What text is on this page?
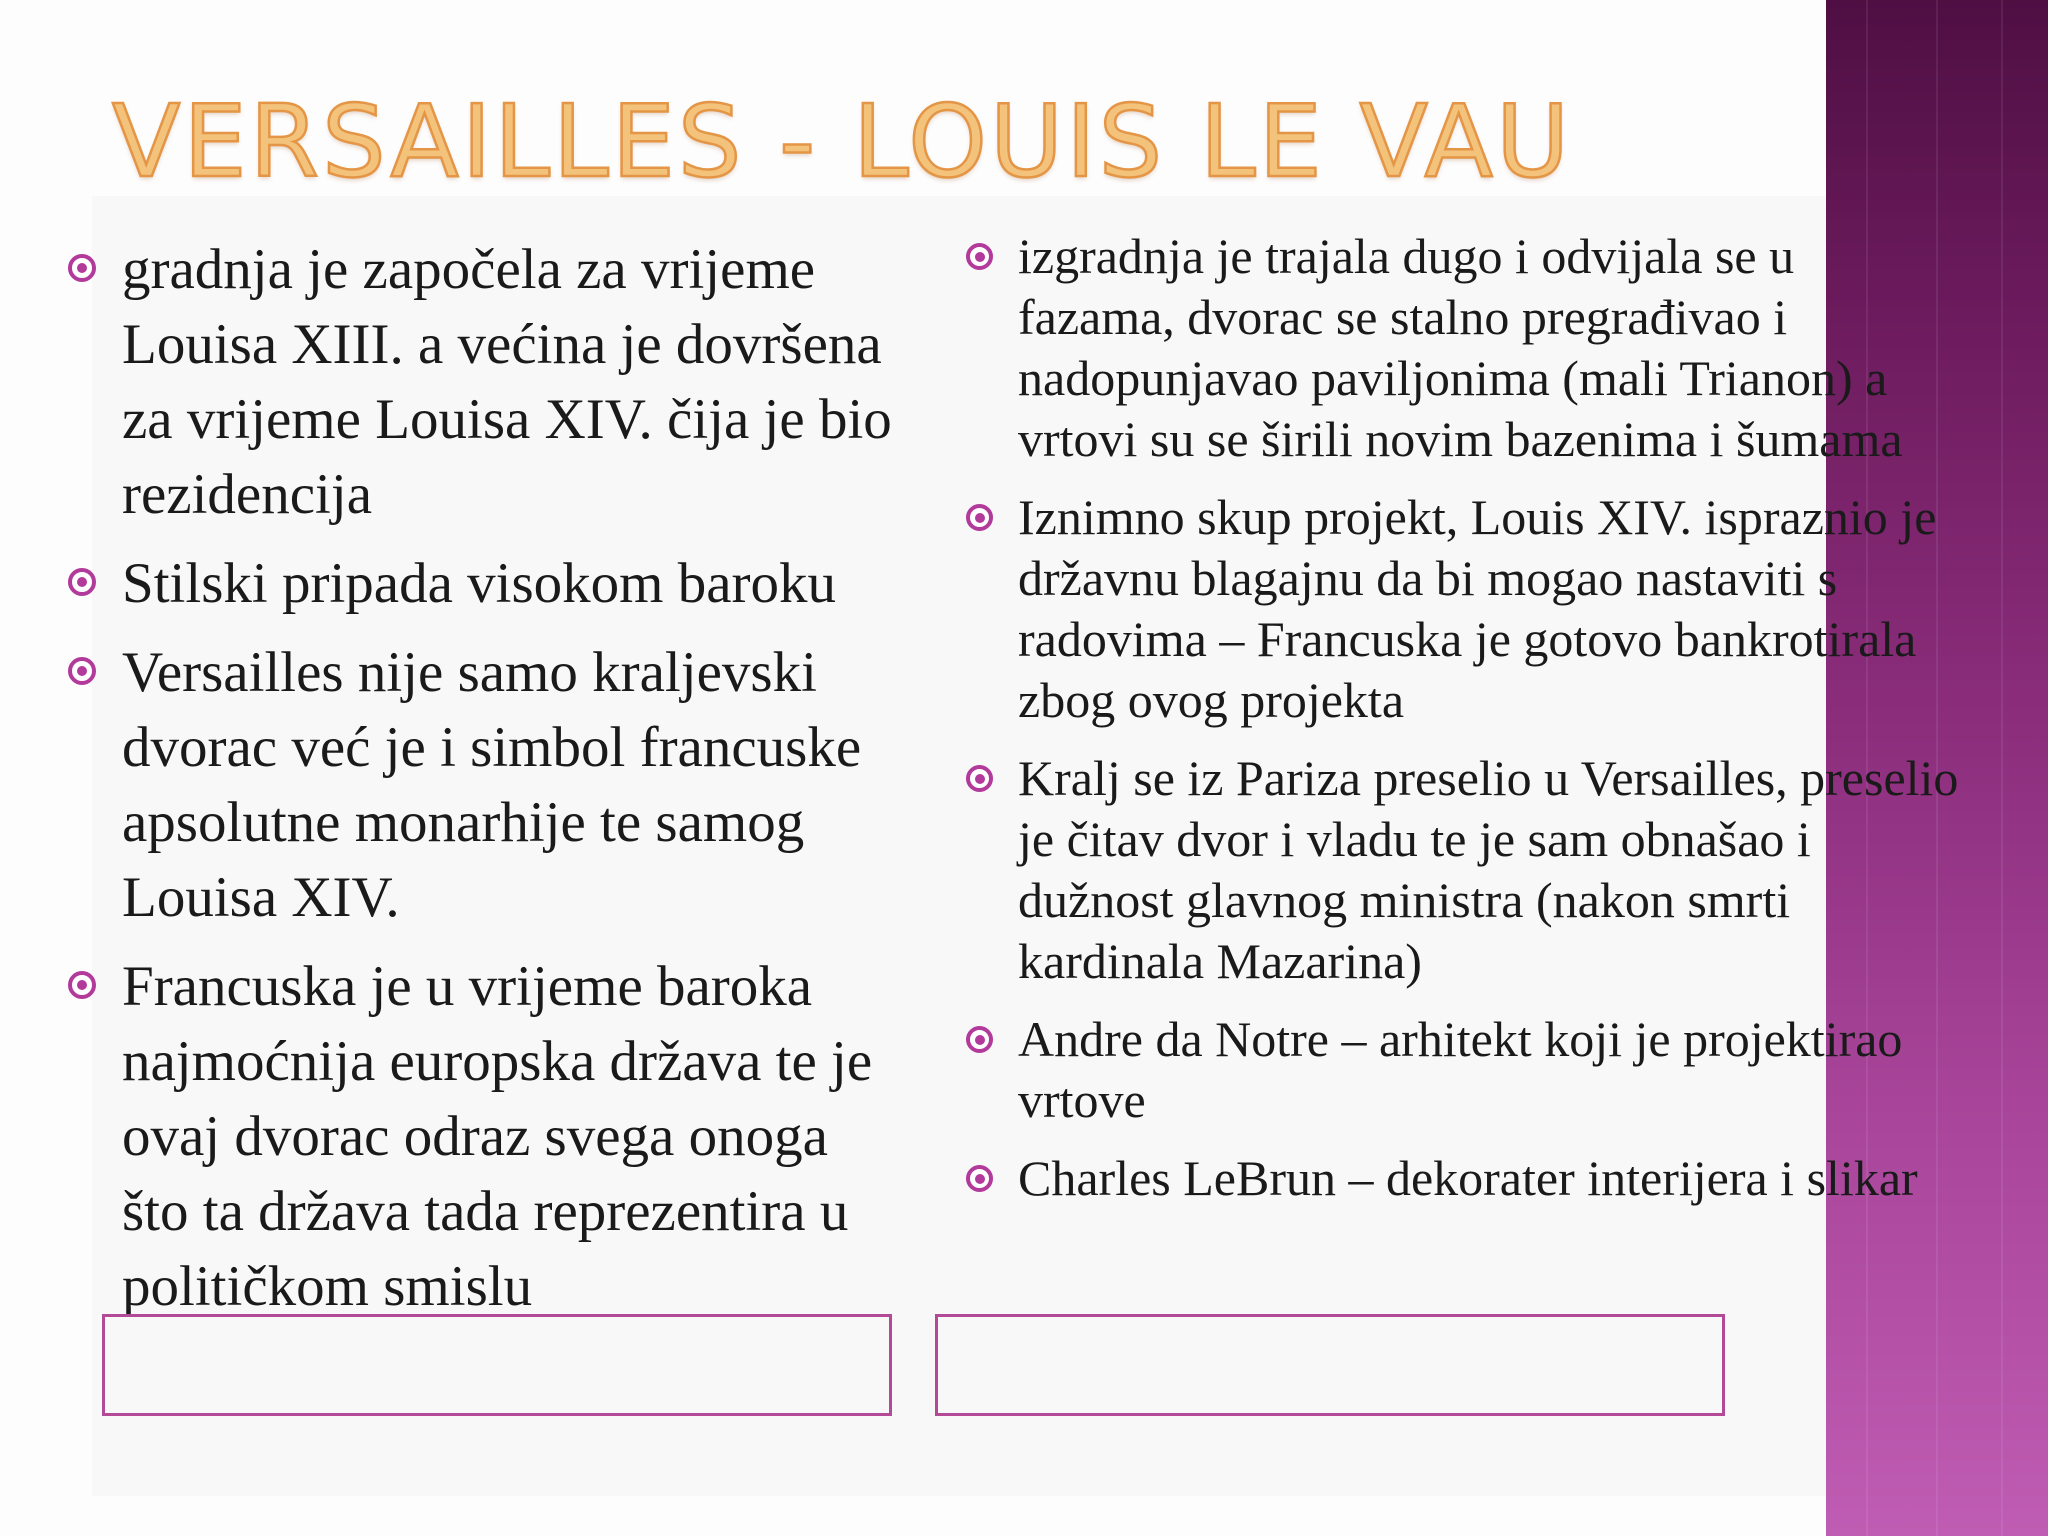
VERSAILLES - LOUIS LE VAU
gradnja je započela za vrijeme Louisa XIII. a većina je dovršena za vrijeme Louisa XIV. čija je bio rezidencija
Stilski pripada visokom baroku
Versailles nije samo kraljevski dvorac već je i simbol francuske apsolutne monarhije te samog Louisa XIV.
Francuska je u vrijeme baroka najmoćnija europska država te je ovaj dvorac odraz svega onoga što ta država tada reprezentira u političkom smislu
izgradnja je trajala dugo i odvijala se u fazama, dvorac se stalno pregrađivao i nadopunjavao paviljonima (mali Trianon) a vrtovi su se širili novim bazenima i šumama
Iznimno skup projekt, Louis XIV. ispraznio je državnu blagajnu da bi mogao nastaviti s radovima – Francuska je gotovo bankrotirala zbog ovog projekta
Kralj se iz Pariza preselio u Versailles, preselio je čitav dvor i vladu te je sam obnašao i dužnost glavnog ministra (nakon smrti kardinala Mazarina)
Andre da Notre – arhitekt koji je projektirao vrtove
Charles LeBrun – dekorater interijera i slikar
